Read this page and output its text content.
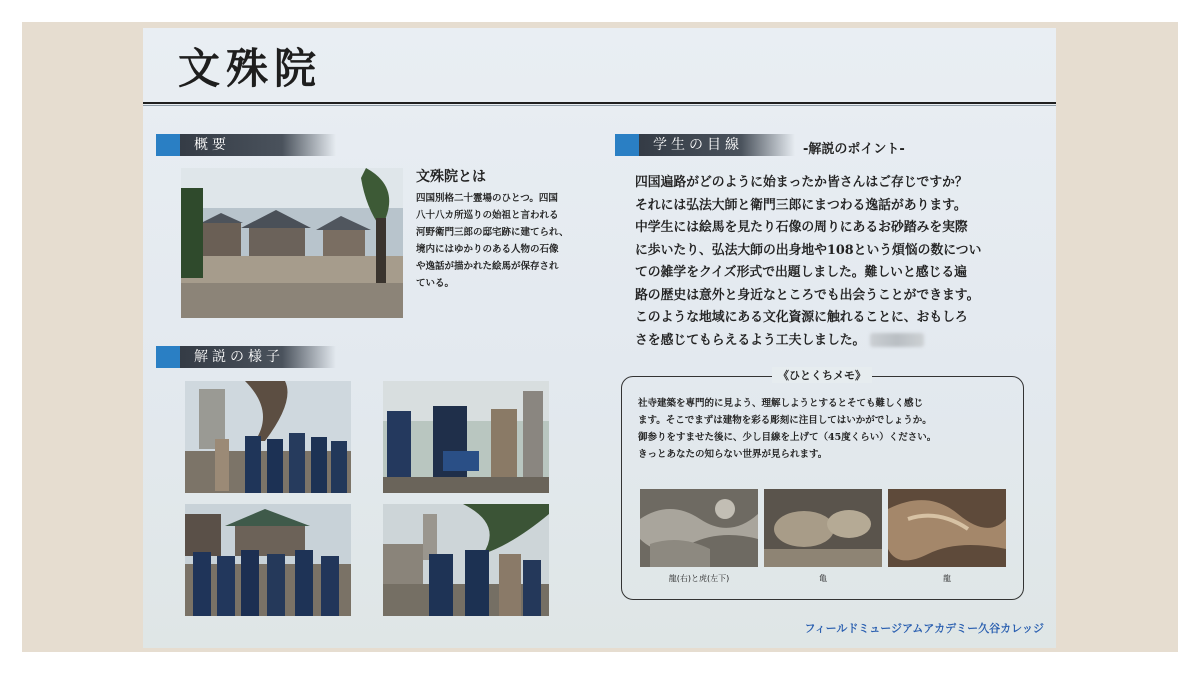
文殊院
概要
文殊院とは
四国別格二十霊場のひとつ。四国
八十八カ所巡りの始祖と言われる
河野衛門三郎の邸宅跡に建てられ、
境内にはゆかりのある人物の石像
や逸話が描かれた絵馬が保存され
ている。
解説の様子
学生の目線	-解説のポイント-
四国遍路がどのように始まったか皆さんはご存じですか？
それには弘法大師と衛門三郎にまつわる逸話があります。
中学生には絵馬を見たり石像の周りにあるお砂踏みを実際
に歩いたり、弘法大師の出身地や108という煩悩の数につい
ての雑学をクイズ形式で出題しました。難しいと感じる遍
路の歴史は意外と身近なところでも出会うことができます。
このような地域にある文化資源に触れることに、おもしろ
さを感じてもらえるよう工夫しました。
《ひとくちメモ》
社寺建築を専門的に見よう、理解しようとするとそても難しく感じ
ます。そこでまずは建物を彩る彫刻に注目してはいかがでしょうか。
御参りをすませた後に、少し目線を上げて（45度くらい）ください。
きっとあなたの知らない世界が見られます。
龍(右)と虎(左下)	亀	龍
フィールドミュージアムアカデミー久谷カレッジ
